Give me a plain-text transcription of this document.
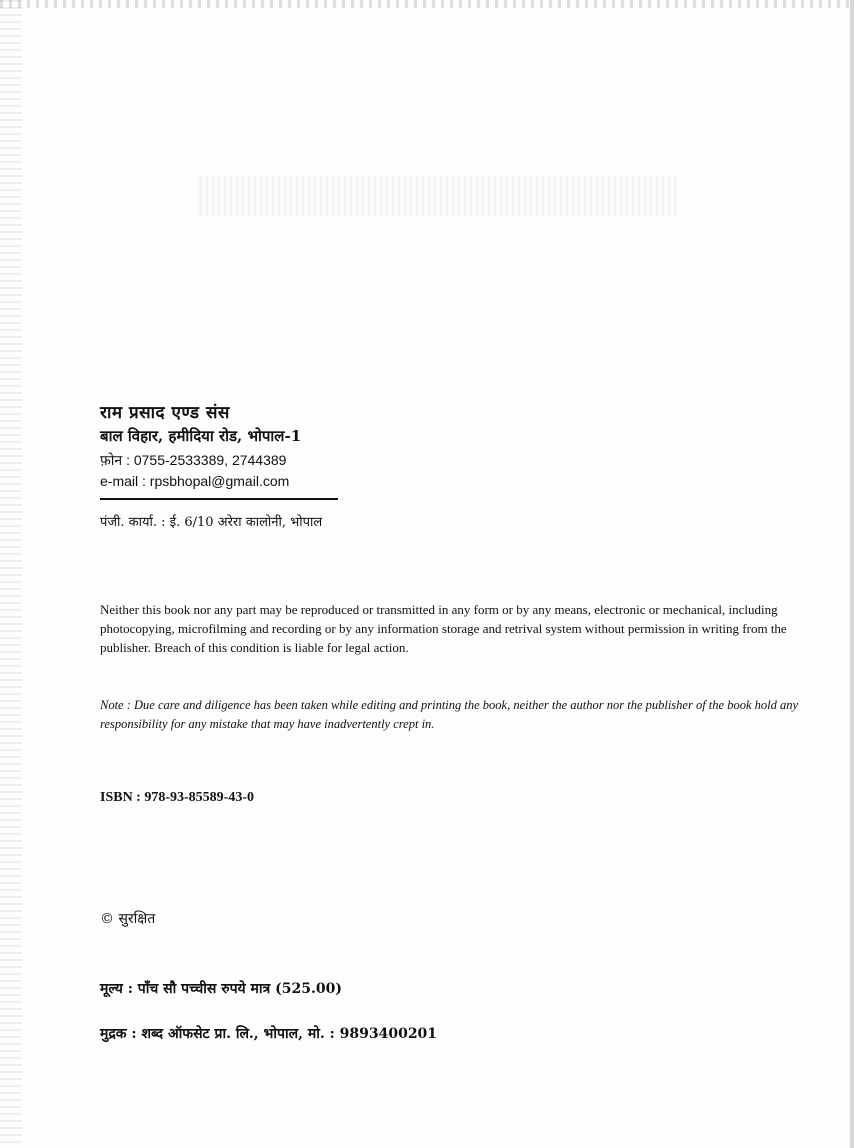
राम प्रसाद एण्ड संस
बाल विहार, हमीदिया रोड, भोपाल-1
फ़ोन : 0755-2533389, 2744389
e-mail : rpsbhopal@gmail.com
पंजी. कार्या. : ई. 6/10 अरेरा कालोनी, भोपाल
Neither this book nor any part may be reproduced or transmitted in any form or by any means, electronic or mechanical, including photocopying, microfilming and recording or by any information storage and retrival system without permission in writing from the publisher. Breach of this condition is liable for legal action.
Note : Due care and diligence has been taken while editing and printing the book, neither the author nor the publisher of the book hold any responsibility for any mistake that may have inadvertently crept in.
ISBN : 978-93-85589-43-0
© सुरक्षित
मूल्य : पाँच सौ पच्चीस रुपये मात्र (525.00)
मुद्रक : शब्द ऑफसेट प्रा. लि., भोपाल, मो. : 9893400201
